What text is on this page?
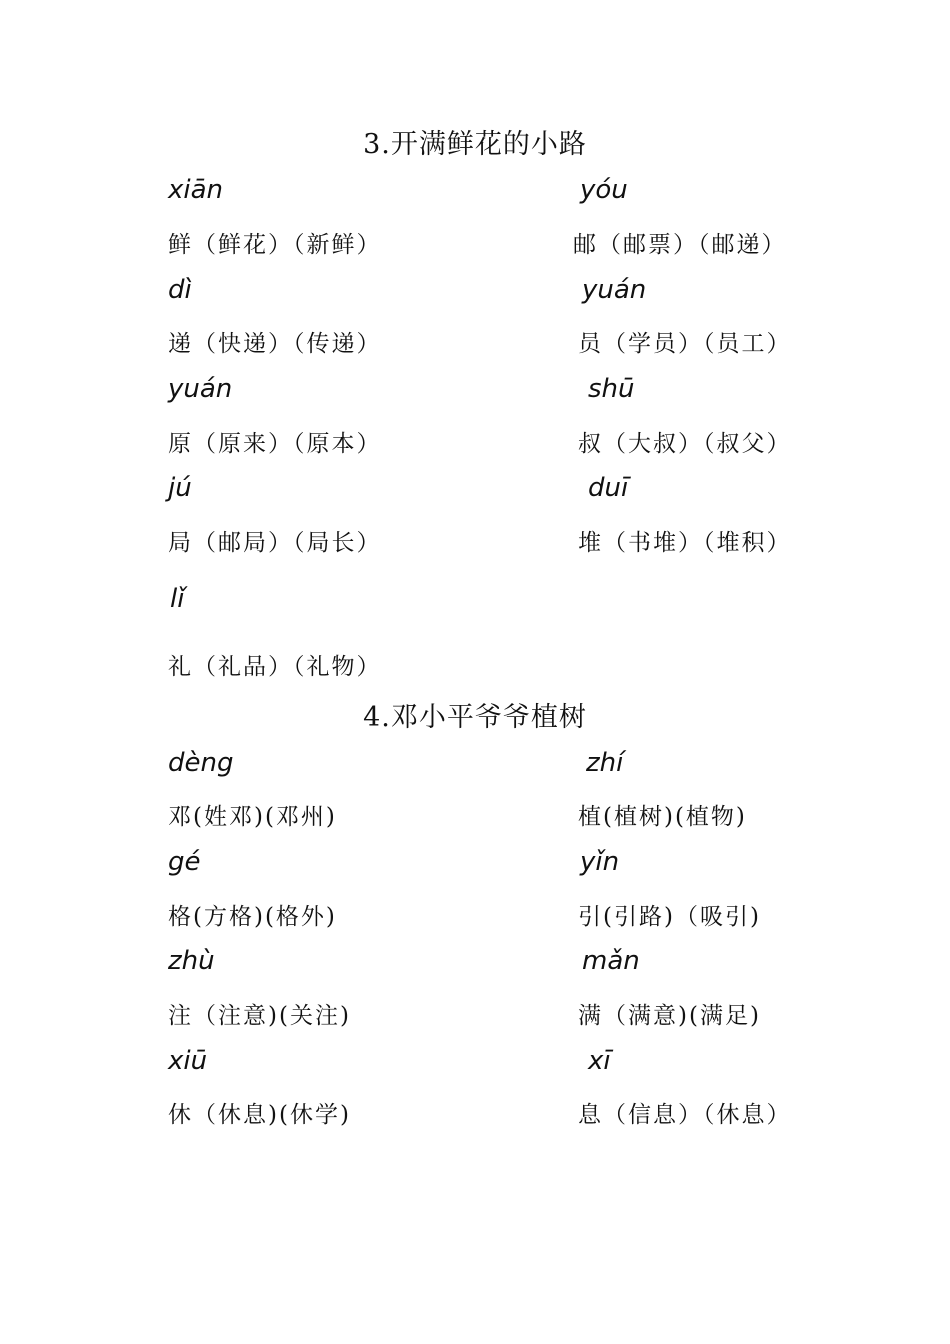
3.开满鲜花的小路
xiān
鲜（鲜花）（新鲜）
yóu
邮（邮票）（邮递）
dì
递（快递）（传递）
yuán
员（学员）（员工）
yuán
原（原来）（原本）
shū
叔（大叔）（叔父）
jú
局（邮局）（局长）
duī
堆（书堆）（堆积）
lǐ
礼（礼品）（礼物）
4.邓小平爷爷植树
dèng
邓(姓邓)(邓州)
zhí
植(植树)(植物)
gé
格(方格)(格外)
yǐn
引(引路)（吸引)
zhù
注（注意)(关注)
mǎn
满（满意)(满足)
xiū
休（休息)(休学)
xī
息（信息）（休息）
